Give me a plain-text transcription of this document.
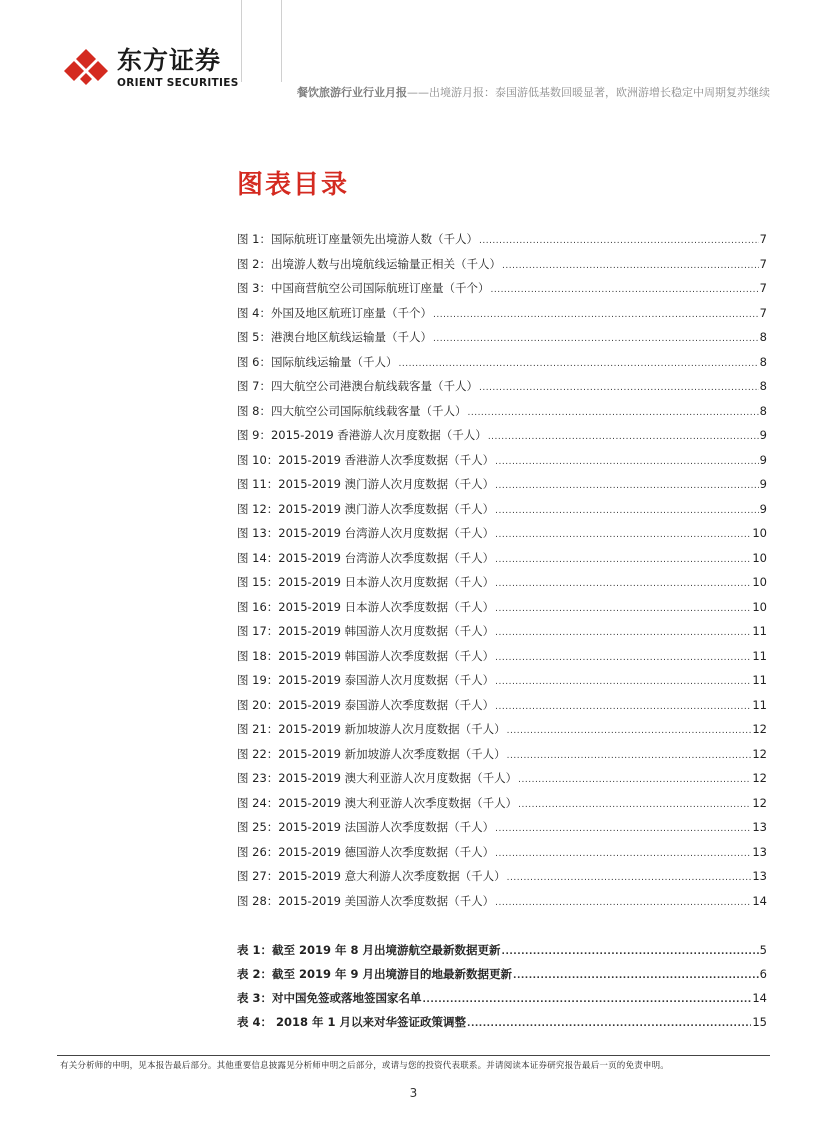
东方证券
ORIENT SECURITIES
餐饮旅游行业行业月报——出境游月报：泰国游低基数回暖显著，欧洲游增长稳定中周期复苏继续
图表目录
图 1：国际航班订座量领先出境游人数（千人） .....	7
图 2：出境游人数与出境航线运输量正相关（千人） .....	7
图 3：中国商营航空公司国际航班订座量（千个） .....	7
图 4：外国及地区航班订座量（千个） .....	7
图 5：港澳台地区航线运输量（千人） .....	8
图 6：国际航线运输量（千人） .....	8
图 7：四大航空公司港澳台航线载客量（千人） .....	8
图 8：四大航空公司国际航线载客量（千人） .....	8
图 9：2015-2019 香港游人次月度数据（千人） .....	9
图 10：2015-2019 香港游人次季度数据（千人） .....	9
图 11：2015-2019 澳门游人次月度数据（千人） .....	9
图 12：2015-2019 澳门游人次季度数据（千人） .....	9
图 13：2015-2019 台湾游人次月度数据（千人） .....	10
图 14：2015-2019 台湾游人次季度数据（千人） .....	10
图 15：2015-2019 日本游人次月度数据（千人） .....	10
图 16：2015-2019 日本游人次季度数据（千人） .....	10
图 17：2015-2019 韩国游人次月度数据（千人） .....	11
图 18：2015-2019 韩国游人次季度数据（千人） .....	11
图 19：2015-2019 泰国游人次月度数据（千人） .....	11
图 20：2015-2019 泰国游人次季度数据（千人） .....	11
图 21：2015-2019 新加坡游人次月度数据（千人） .....	12
图 22：2015-2019 新加坡游人次季度数据（千人） .....	12
图 23：2015-2019 澳大利亚游人次月度数据（千人） .....	12
图 24：2015-2019 澳大利亚游人次季度数据（千人） .....	12
图 25：2015-2019 法国游人次季度数据（千人） .....	13
图 26：2015-2019 德国游人次季度数据（千人） .....	13
图 27：2015-2019 意大利游人次季度数据（千人） .....	13
图 28：2015-2019 美国游人次季度数据（千人） .....	14
表 1：截至 2019 年 8 月出境游航空最新数据更新 .....	5
表 2：截至 2019 年 9 月出境游目的地最新数据更新 .....	6
表 3：对中国免签或落地签国家名单 .....	14
表 4： 2018 年 1 月以来对华签证政策调整 .....	15
有关分析师的申明，见本报告最后部分。其他重要信息披露见分析师申明之后部分，或请与您的投资代表联系。并请阅读本证券研究报告最后一页的免责申明。
3
